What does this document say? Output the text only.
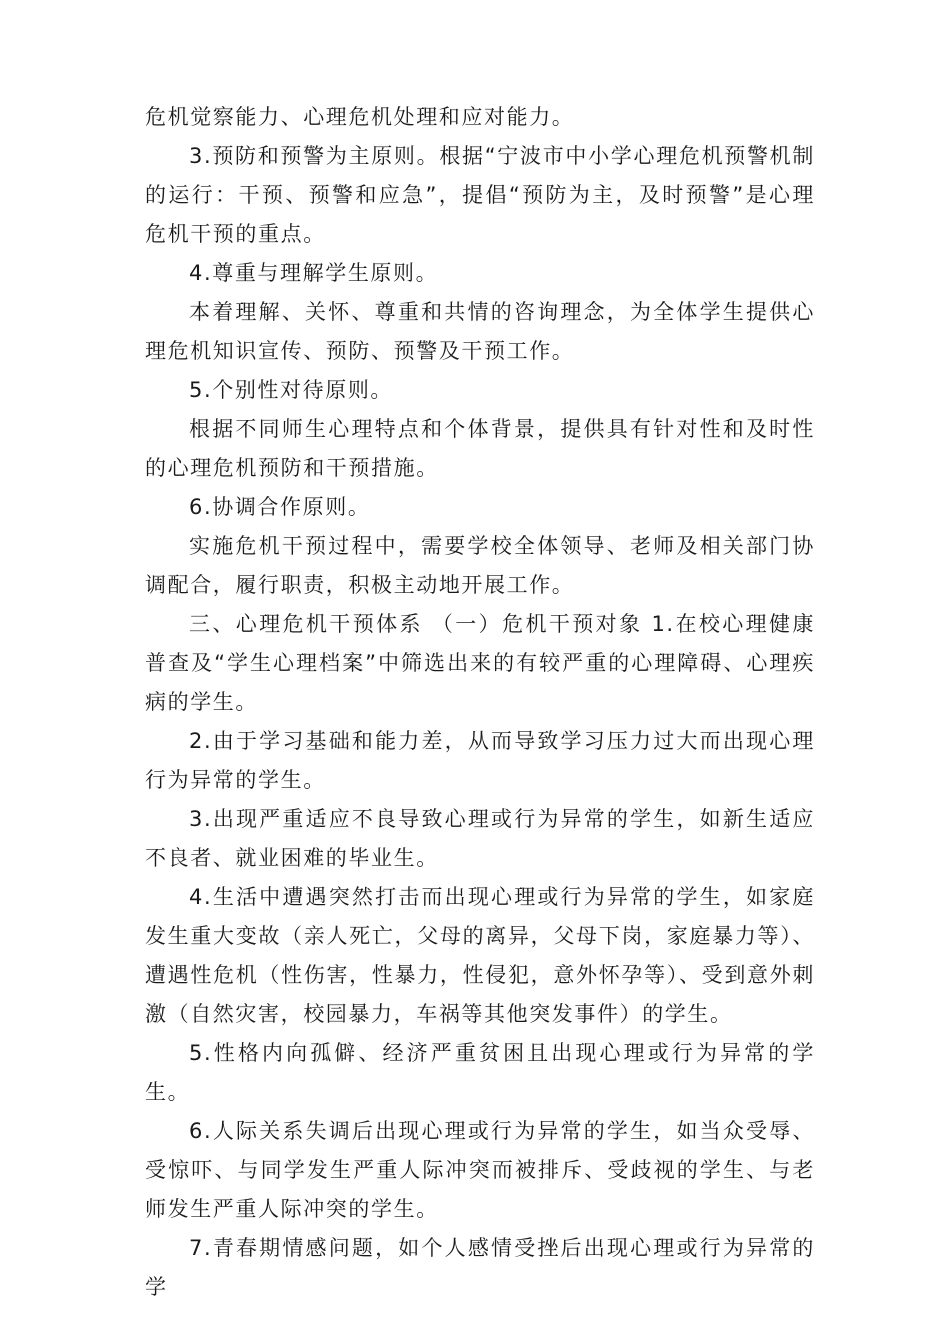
危机觉察能力、心理危机处理和应对能力。

3.预防和预警为主原则。根据“宁波市中小学心理危机预警机制的运行：干预、预警和应急”，提倡“预防为主，及时预警”是心理危机干预的重点。

4.尊重与理解学生原则。

本着理解、关怀、尊重和共情的咨询理念，为全体学生提供心理危机知识宣传、预防、预警及干预工作。

5.个别性对待原则。

根据不同师生心理特点和个体背景，提供具有针对性和及时性的心理危机预防和干预措施。

6.协调合作原则。

实施危机干预过程中，需要学校全体领导、老师及相关部门协调配合，履行职责，积极主动地开展工作。

三、心理危机干预体系 （一）危机干预对象 1.在校心理健康普查及“学生心理档案”中筛选出来的有较严重的心理障碍、心理疾病的学生。

2.由于学习基础和能力差，从而导致学习压力过大而出现心理行为异常的学生。

3.出现严重适应不良导致心理或行为异常的学生，如新生适应不良者、就业困难的毕业生。

4.生活中遭遇突然打击而出现心理或行为异常的学生，如家庭发生重大变故（亲人死亡，父母的离异，父母下岗，家庭暴力等）、遭遇性危机（性伤害，性暴力，性侵犯，意外怀孕等）、受到意外刺激（自然灾害，校园暴力，车祸等其他突发事件）的学生。

5.性格内向孤僻、经济严重贫困且出现心理或行为异常的学生。

6.人际关系失调后出现心理或行为异常的学生，如当众受辱、受惊吓、与同学发生严重人际冲突而被排斥、受歧视的学生、与老师发生严重人际冲突的学生。

7.青春期情感问题，如个人感情受挫后出现心理或行为异常的学
